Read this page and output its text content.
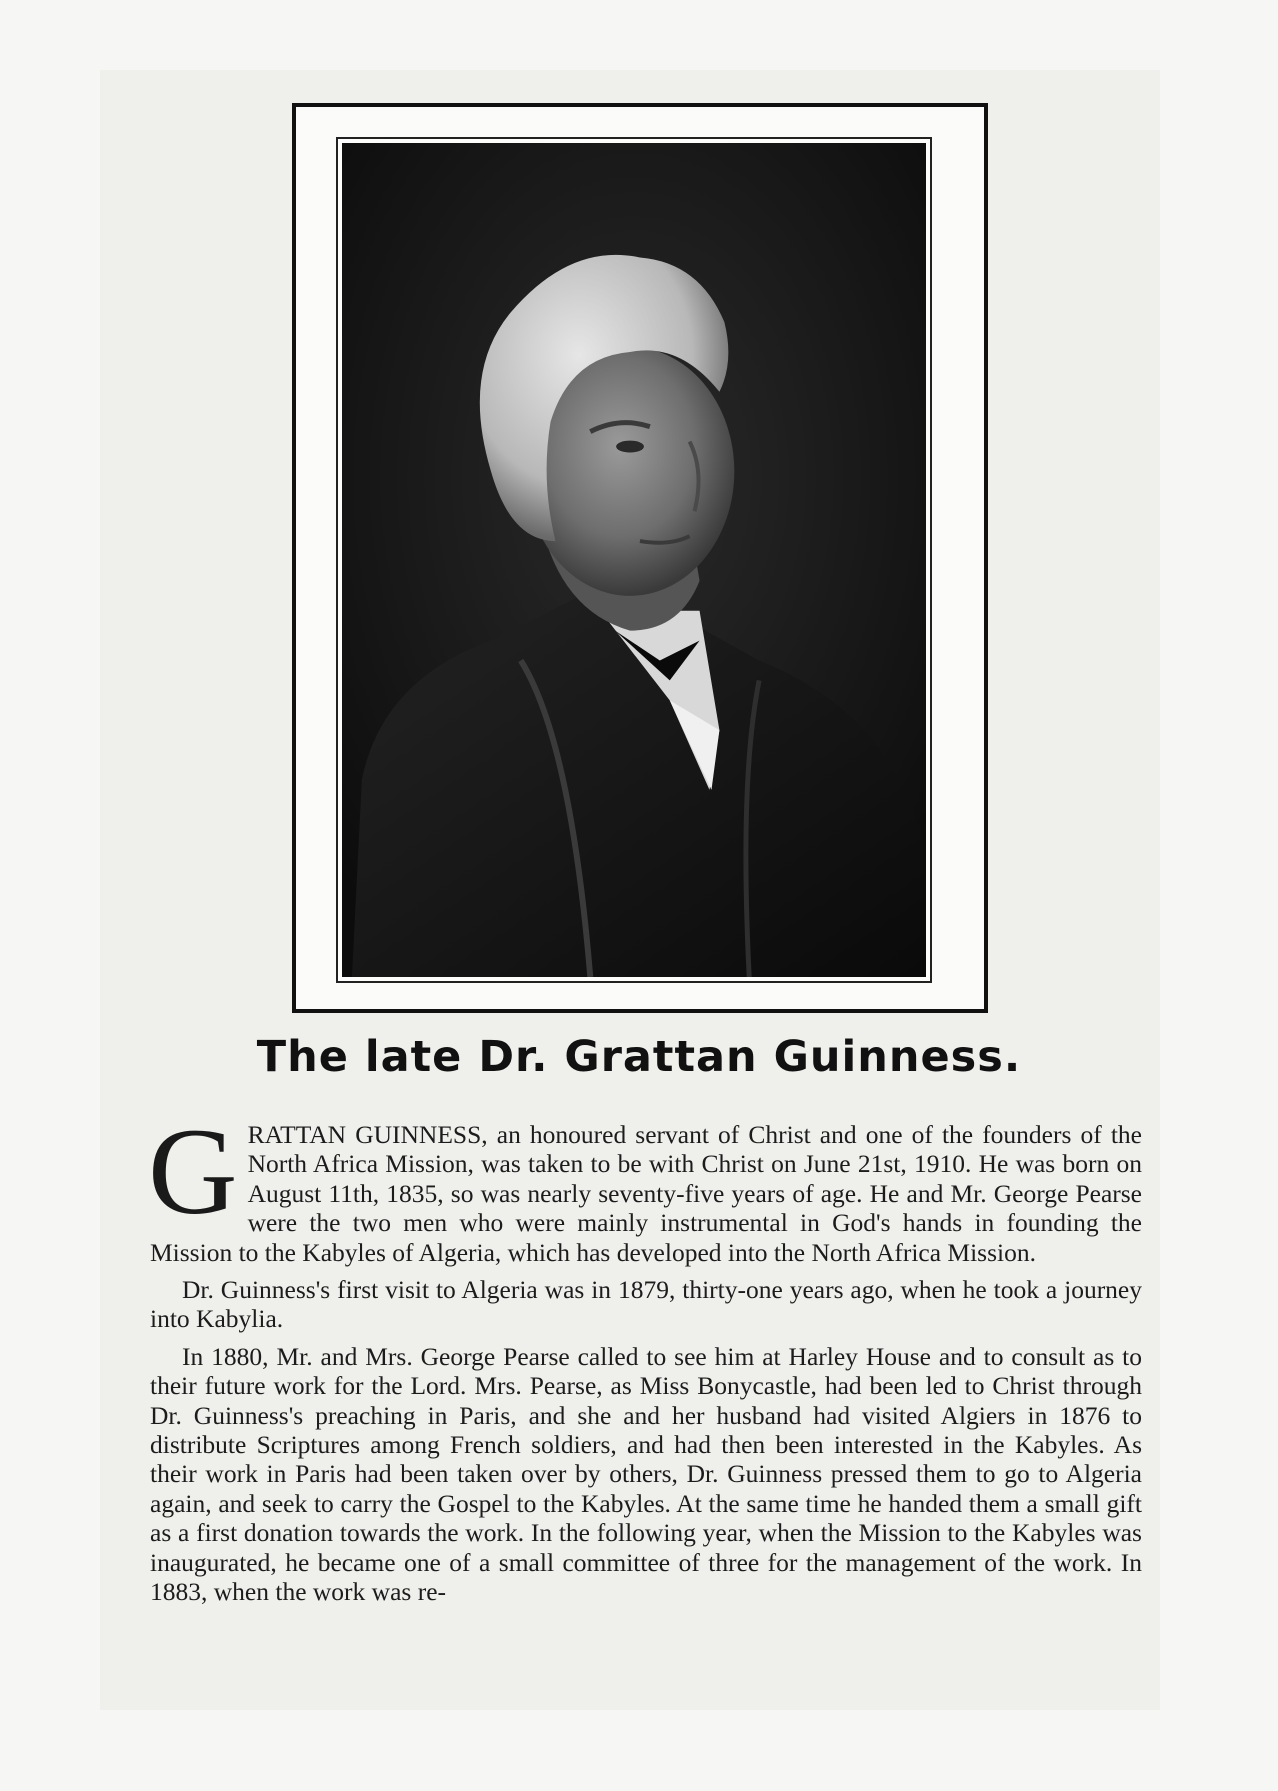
The late Dr. Grattan Guinness.

GRATTAN GUINNESS, an honoured servant of Christ and one of the founders of the North Africa Mission, was taken to be with Christ on June 21st, 1910. He was born on August 11th, 1835, so was nearly seventy-five years of age. He and Mr. George Pearse were the two men who were mainly instrumental in God's hands in founding the Mission to the Kabyles of Algeria, which has developed into the North Africa Mission.

Dr. Guinness's first visit to Algeria was in 1879, thirty-one years ago, when he took a journey into Kabylia.

In 1880, Mr. and Mrs. George Pearse called to see him at Harley House and to consult as to their future work for the Lord. Mrs. Pearse, as Miss Bonycastle, had been led to Christ through Dr. Guinness's preaching in Paris, and she and her husband had visited Algiers in 1876 to distribute Scriptures among French soldiers, and had then been interested in the Kabyles. As their work in Paris had been taken over by others, Dr. Guinness pressed them to go to Algeria again, and seek to carry the Gospel to the Kabyles. At the same time he handed them a small gift as a first donation towards the work. In the following year, when the Mission to the Kabyles was inaugurated, he became one of a small committee of three for the management of the work. In 1883, when the work was re-
